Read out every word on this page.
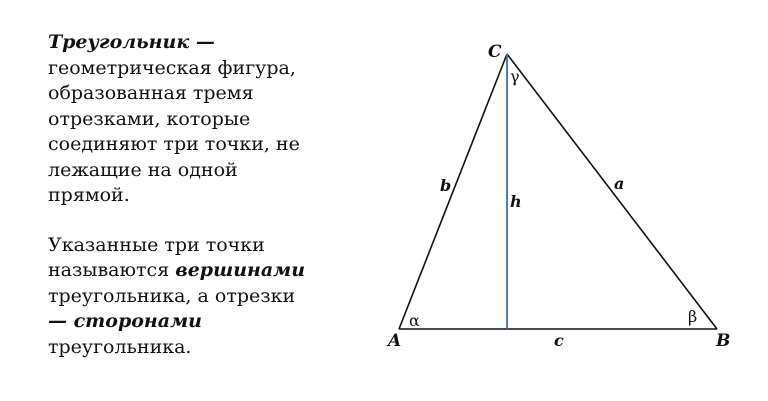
Треугольник —
геометрическая фигура,
образованная тремя
отрезками, которые
соединяют три точки, не
лежащие на одной
прямой.

Указанные три точки
называются вершинами
треугольника, а отрезки
— сторонами
треугольника.	A	B
C
b	a
c
h
α	β
γ
